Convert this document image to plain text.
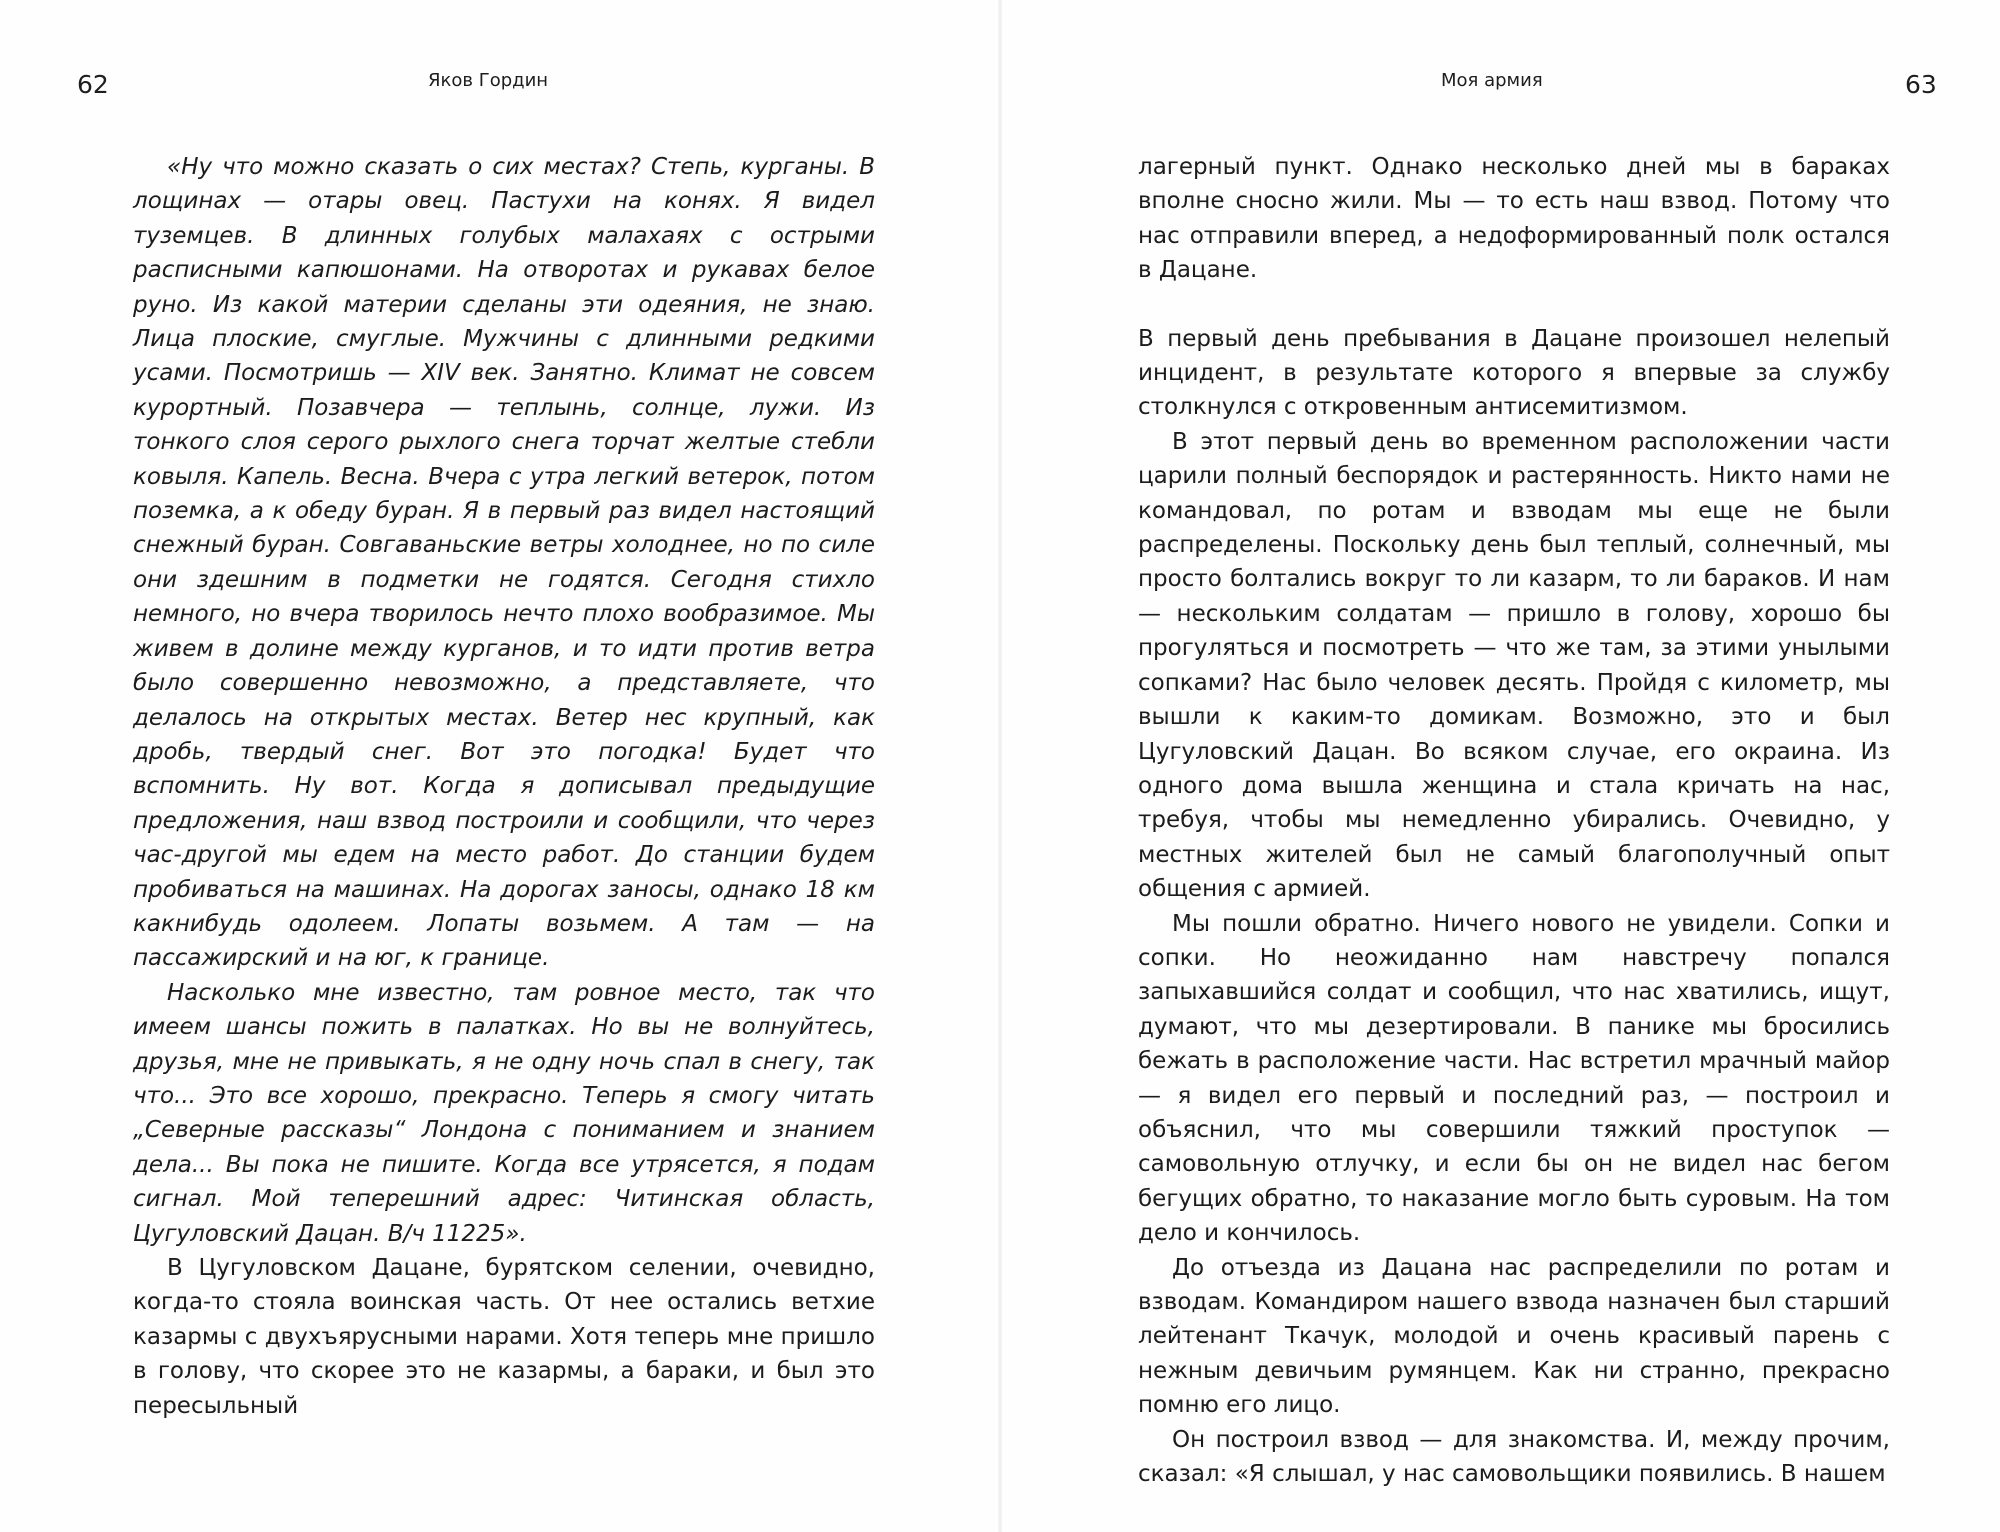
62	Яков Гордин

«Ну что можно сказать о сих местах? Степь, курганы. В лощинах — отары овец. Пастухи на конях. Я видел туземцев. В длинных голубых малахаях с острыми расписными капюшонами. На отворотах и рукавах белое руно. Из какой материи сделаны эти одеяния, не знаю. Лица плоские, смуглые. Мужчины с длинными редкими усами. Посмотришь — XIV век. Занятно. Климат не совсем курортный. Позавчера — теплынь, солнце, лужи. Из тонкого слоя серого рыхлого снега торчат желтые стебли ковыля. Капель. Весна. Вчера с утра легкий ветерок, потом поземка, а к обеду буран. Я в первый раз видел настоящий снежный буран. Совгаваньские ветры холоднее, но по силе они здешним в подметки не годятся. Сегодня стихло немного, но вчера творилось нечто плохо вообразимое. Мы живем в долине между курганов, и то идти против ветра было совершенно невозможно, а представляете, что делалось на открытых местах. Ветер нес крупный, как дробь, твердый снег. Вот это погодка! Будет что вспомнить. Ну вот. Когда я дописывал предыдущие предложения, наш взвод построили и сообщили, что через час-другой мы едем на место работ. До станции будем пробиваться на машинах. На дорогах заносы, однако 18 км какнибудь одолеем. Лопаты возьмем. А там — на пассажирский и на юг, к границе.

Насколько мне известно, там ровное место, так что имеем шансы пожить в палатках. Но вы не волнуйтесь, друзья, мне не привыкать, я не одну ночь спал в снегу, так что... Это все хорошо, прекрасно. Теперь я смогу читать „Северные рассказы“ Лондона с пониманием и знанием дела... Вы пока не пишите. Когда все утрясется, я подам сигнал. Мой теперешний адрес: Читинская область, Цугуловский Дацан. В/ч 11225».

В Цугуловском Дацане, бурятском селении, очевидно, когда-то стояла воинская часть. От нее остались ветхие казармы с двухъярусными нарами. Хотя теперь мне пришло в голову, что скорее это не казармы, а бараки, и был это пересыльный

Моя армия	63

лагерный пункт. Однако несколько дней мы в бараках вполне сносно жили. Мы — то есть наш взвод. Потому что нас отправили вперед, а недоформированный полк остался в Дацане.

В первый день пребывания в Дацане произошел нелепый инцидент, в результате которого я впервые за службу столкнулся с откровенным антисемитизмом.

В этот первый день во временном расположении части царили полный беспорядок и растерянность. Никто нами не командовал, по ротам и взводам мы еще не были распределены. Поскольку день был теплый, солнечный, мы просто болтались вокруг то ли казарм, то ли бараков. И нам — нескольким солдатам — пришло в голову, хорошо бы прогуляться и посмотреть — что же там, за этими унылыми сопками? Нас было человек десять. Пройдя с километр, мы вышли к каким-то домикам. Возможно, это и был Цугуловский Дацан. Во всяком случае, его окраина. Из одного дома вышла женщина и стала кричать на нас, требуя, чтобы мы немедленно убирались. Очевидно, у местных жителей был не самый благополучный опыт общения с армией.

Мы пошли обратно. Ничего нового не увидели. Сопки и сопки. Но неожиданно нам навстречу попался запыхавшийся солдат и сообщил, что нас хватились, ищут, думают, что мы дезертировали. В панике мы бросились бежать в расположение части. Нас встретил мрачный майор — я видел его первый и последний раз, — построил и объяснил, что мы совершили тяжкий проступок — самовольную отлучку, и если бы он не видел нас бегом бегущих обратно, то наказание могло быть суровым. На том дело и кончилось.

До отъезда из Дацана нас распределили по ротам и взводам. Командиром нашего взвода назначен был старший лейтенант Ткачук, молодой и очень красивый парень с нежным девичьим румянцем. Как ни странно, прекрасно помню его лицо.

Он построил взвод — для знакомства. И, между прочим, сказал: «Я слышал, у нас самовольщики появились. В нашем
